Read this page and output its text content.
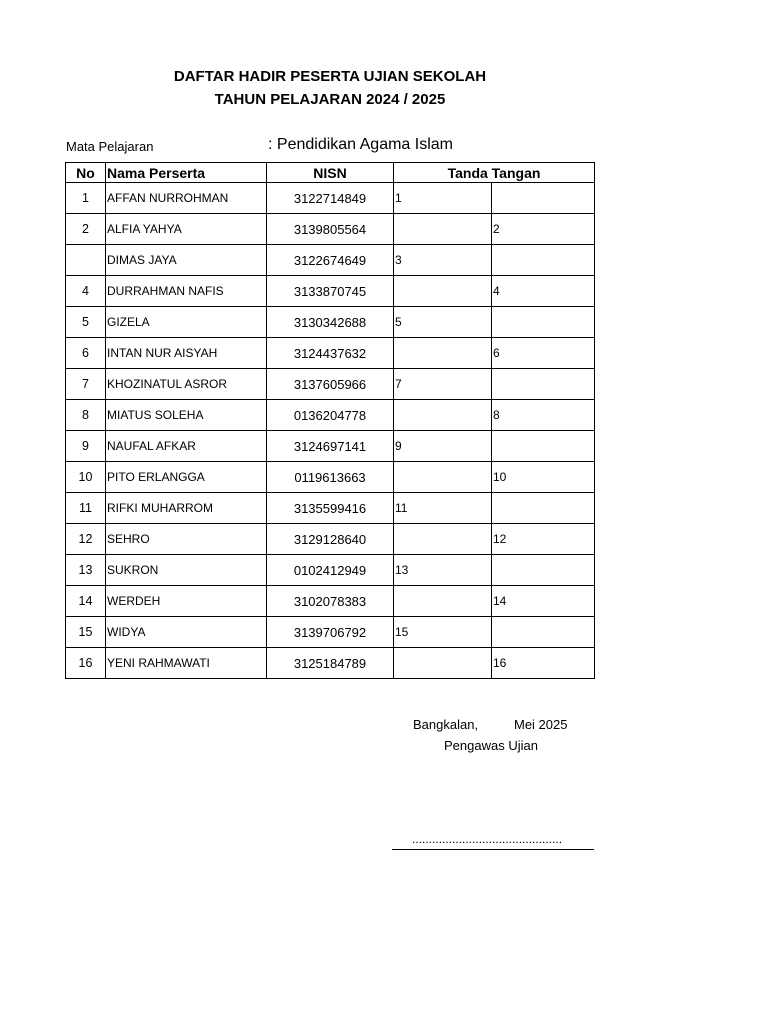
DAFTAR HADIR PESERTA UJIAN SEKOLAH
TAHUN PELAJARAN 2024 / 2025
Mata Pelajaran	: Pendidikan Agama Islam
No	Nama Perserta	NISN	Tanda Tangan	
1	AFFAN NURROHMAN	3122714849	1	
2	ALFIA YAHYA	3139805564		2
	DIMAS JAYA	3122674649	3	
4	DURRAHMAN NAFIS	3133870745		4
5	GIZELA	3130342688	5	
6	INTAN NUR AISYAH	3124437632		6
7	KHOZINATUL ASROR	3137605966	7	
8	MIATUS SOLEHA	0136204778		8
9	NAUFAL AFKAR	3124697141	9	
10	PITO ERLANGGA	0119613663		10
11	RIFKI MUHARROM	3135599416	11	
12	SEHRO	3129128640		12
13	SUKRON	0102412949	13	
14	WERDEH	3102078383		14
15	WIDYA	3139706792	15	
16	YENI RAHMAWATI	3125184789		16
Bangkalan,	Mei 2025
Pengawas Ujian
.............................................
